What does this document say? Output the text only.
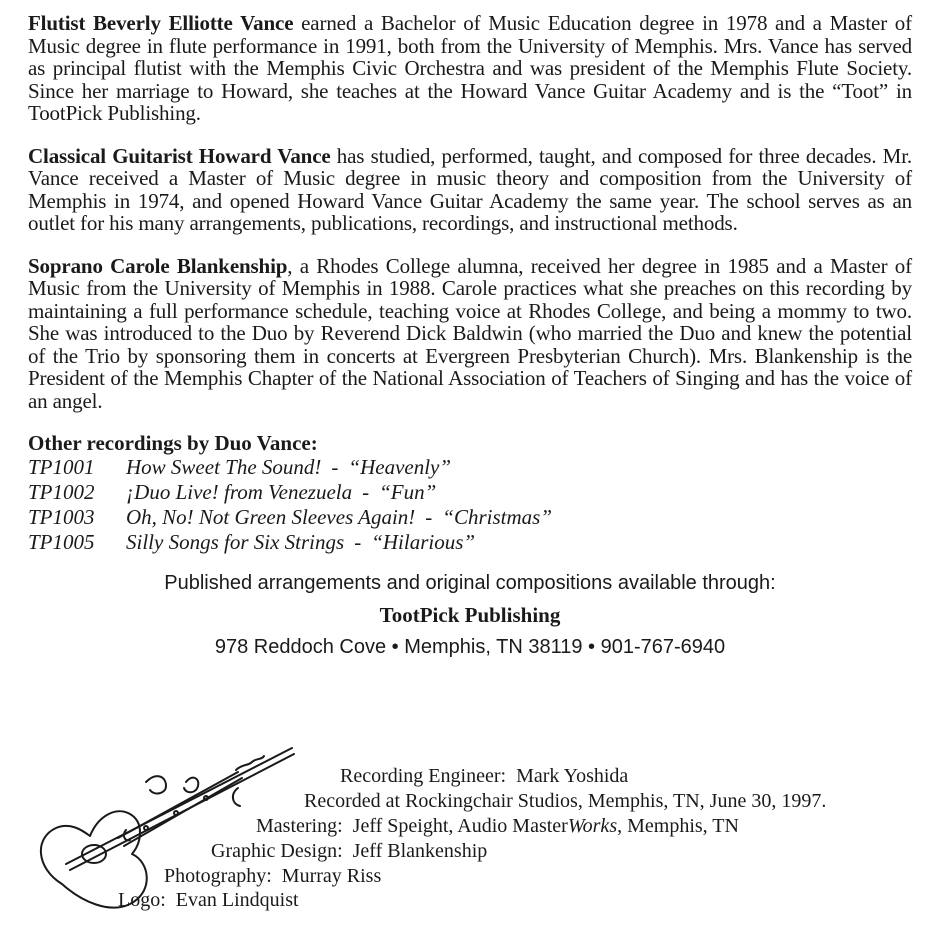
Flutist Beverly Elliotte Vance earned a Bachelor of Music Education degree in 1978 and a Master of Music degree in flute performance in 1991, both from the University of Memphis. Mrs. Vance has served as principal flutist with the Memphis Civic Orchestra and was president of the Memphis Flute Society. Since her marriage to Howard, she teaches at the Howard Vance Guitar Academy and is the “Toot” in TootPick Publishing.

Classical Guitarist Howard Vance has studied, performed, taught, and composed for three decades. Mr. Vance received a Master of Music degree in music theory and composition from the University of Memphis in 1974, and opened Howard Vance Guitar Academy the same year. The school serves as an outlet for his many arrangements, publications, recordings, and instructional methods.

Soprano Carole Blankenship, a Rhodes College alumna, received her degree in 1985 and a Master of Music from the University of Memphis in 1988. Carole practices what she preaches on this recording by maintaining a full performance schedule, teaching voice at Rhodes College, and being a mommy to two. She was introduced to the Duo by Reverend Dick Baldwin (who married the Duo and knew the potential of the Trio by sponsoring them in concerts at Evergreen Presbyterian Church). Mrs. Blankenship is the President of the Memphis Chapter of the National Association of Teachers of Singing and has the voice of an angel.

Other recordings by Duo Vance:
TP1001	How Sweet The Sound! - “Heavenly”
TP1002	¡Duo Live! from Venezuela - “Fun”
TP1003	Oh, No! Not Green Sleeves Again! - “Christmas”
TP1005	Silly Songs for Six Strings - “Hilarious”
Published arrangements and original compositions available through:
TootPick Publishing
978 Reddoch Cove • Memphis, TN 38119 • 901-767-6940
Recording Engineer: Mark Yoshida
Recorded at Rockingchair Studios, Memphis, TN, June 30, 1997.
Mastering: Jeff Speight, Audio MasterWorks, Memphis, TN
Graphic Design: Jeff Blankenship
Photography: Murray Riss
Logo: Evan Lindquist
